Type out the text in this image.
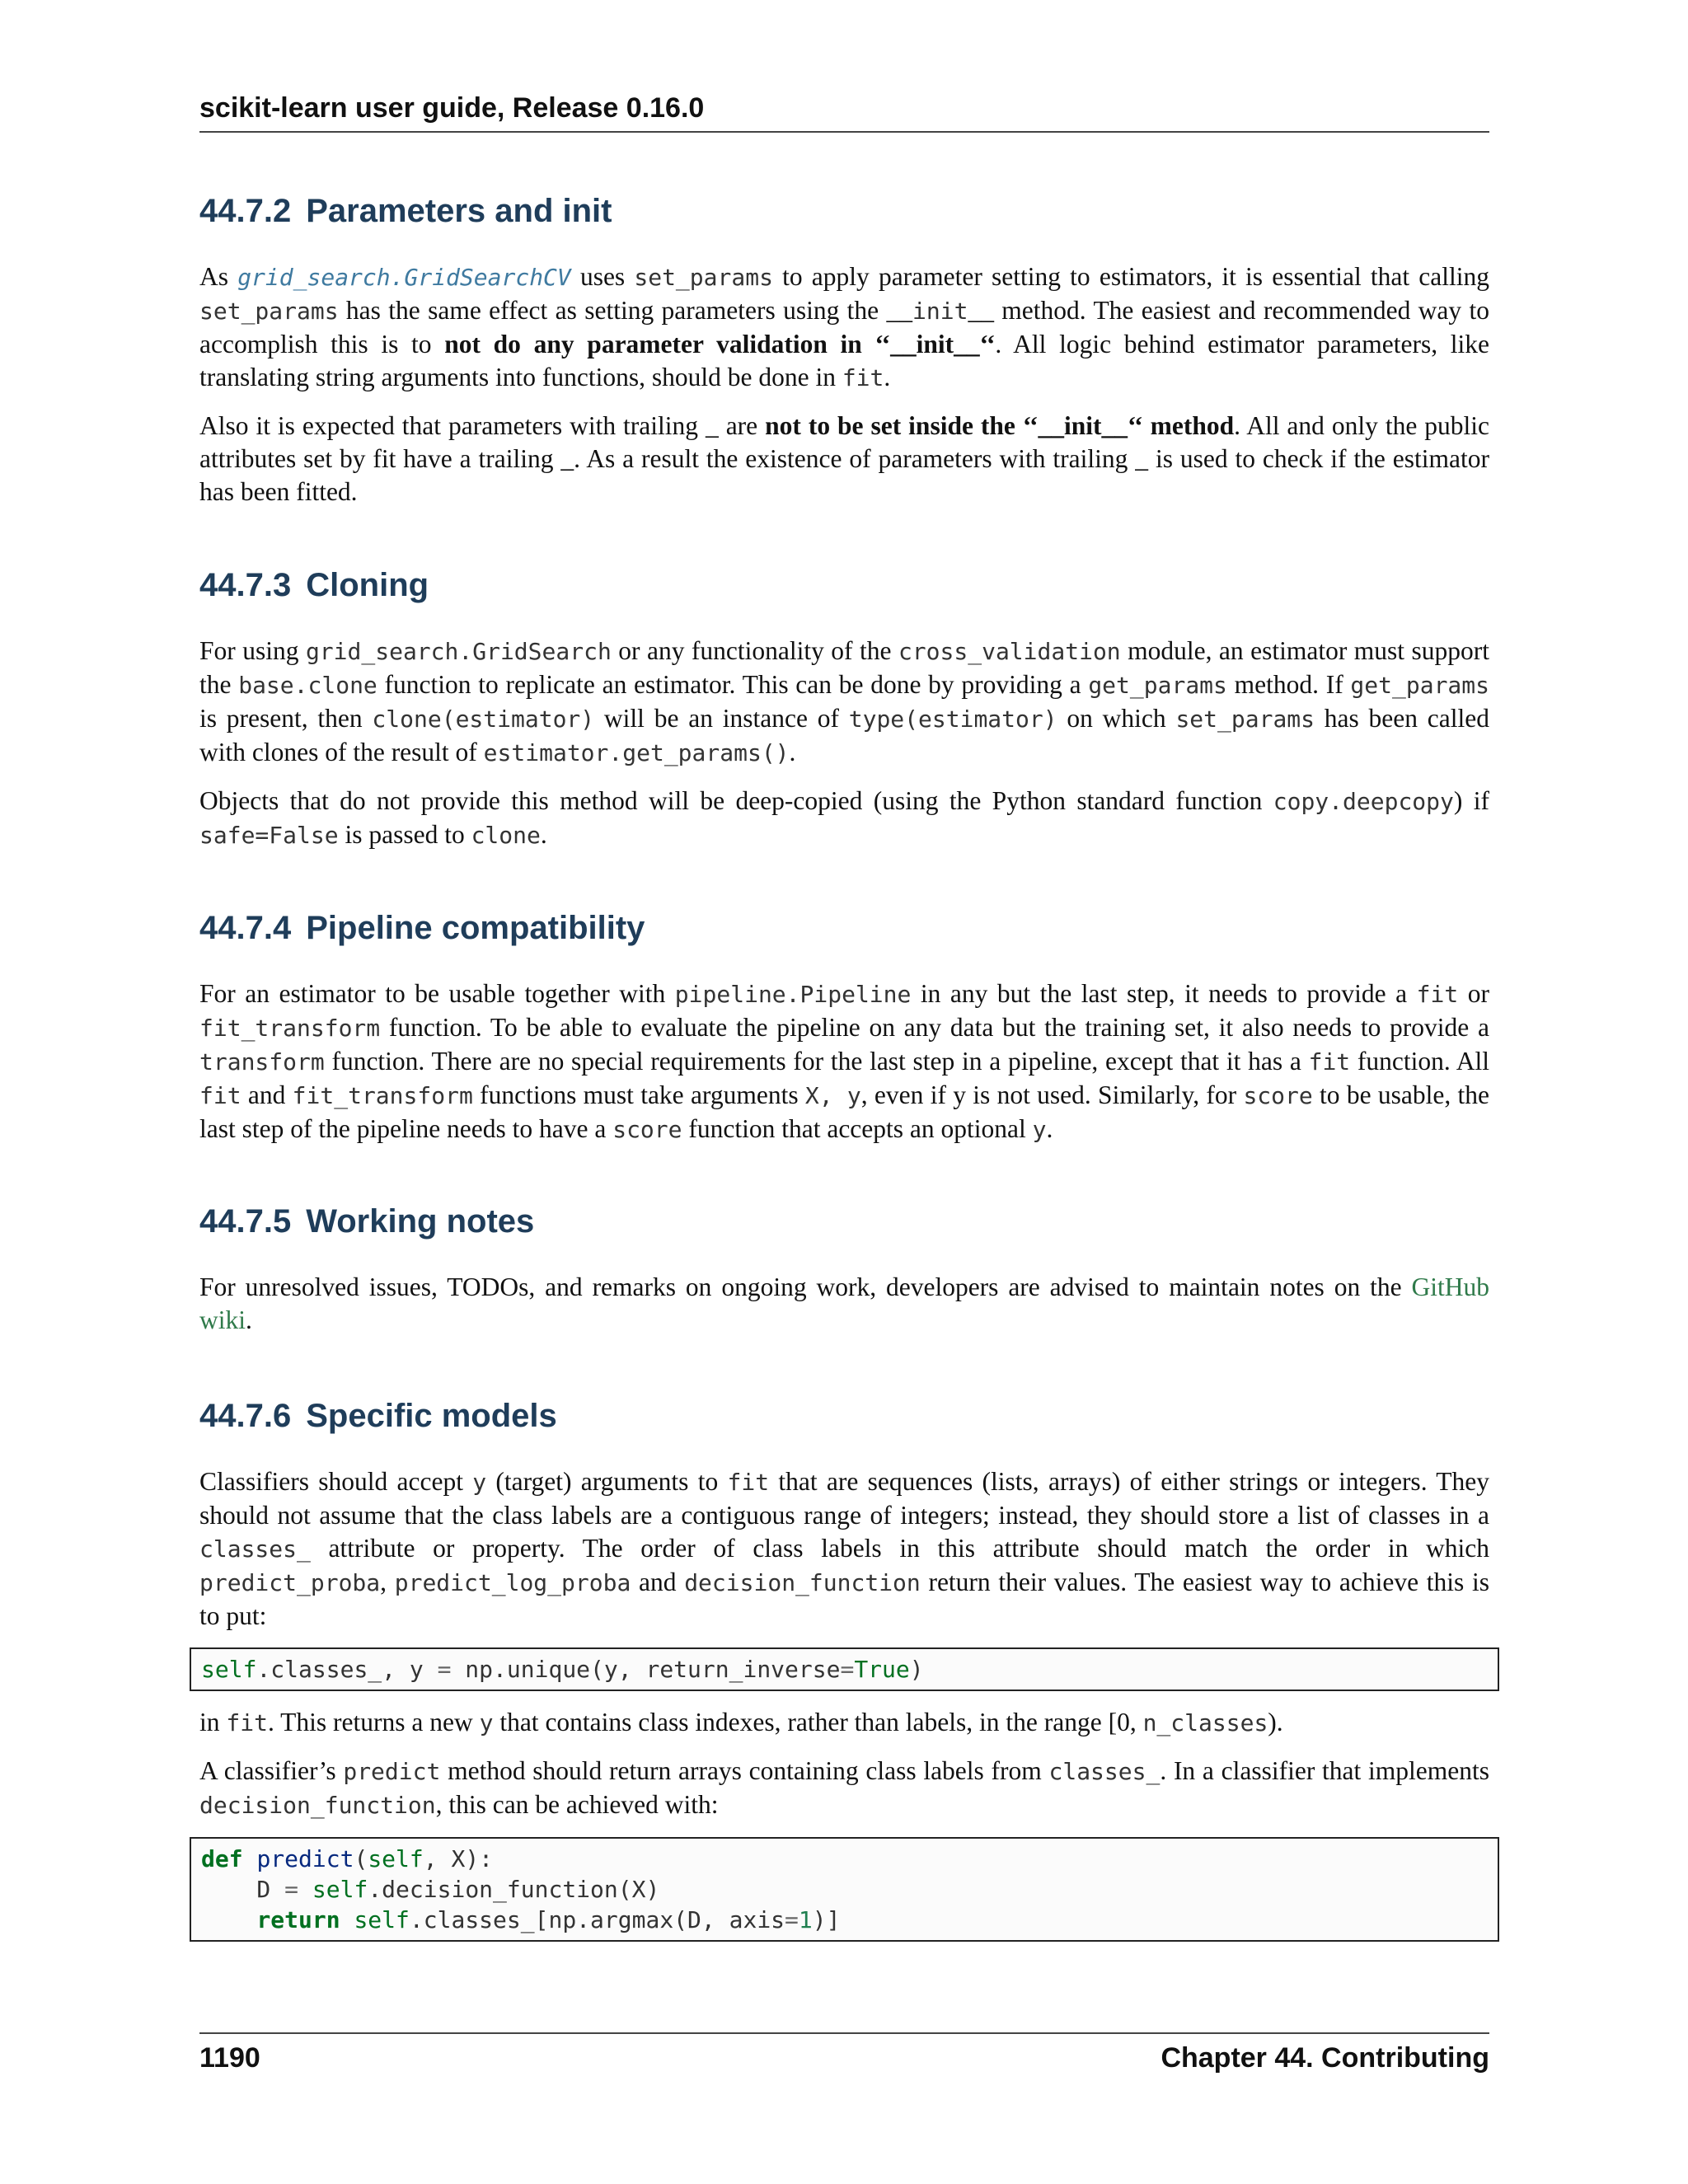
scikit-learn user guide, Release 0.16.0
44.7.2 Parameters and init

As grid_search.GridSearchCV uses set_params to apply parameter setting to estimators, it is essential that calling set_params has the same effect as setting parameters using the __init__ method. The easiest and recommended way to accomplish this is to not do any parameter validation in ‘‘__init__‘‘. All logic behind estimator parameters, like translating string arguments into functions, should be done in fit.

Also it is expected that parameters with trailing _ are not to be set inside the ‘‘__init__‘‘ method. All and only the public attributes set by fit have a trailing _. As a result the existence of parameters with trailing _ is used to check if the estimator has been fitted.

44.7.3 Cloning

For using grid_search.GridSearch or any functionality of the cross_validation module, an estimator must support the base.clone function to replicate an estimator. This can be done by providing a get_params method. If get_params is present, then clone(estimator) will be an instance of type(estimator) on which set_params has been called with clones of the result of estimator.get_params().

Objects that do not provide this method will be deep-copied (using the Python standard function copy.deepcopy) if safe=False is passed to clone.

44.7.4 Pipeline compatibility

For an estimator to be usable together with pipeline.Pipeline in any but the last step, it needs to provide a fit or fit_transform function. To be able to evaluate the pipeline on any data but the training set, it also needs to provide a transform function. There are no special requirements for the last step in a pipeline, except that it has a fit function. All fit and fit_transform functions must take arguments X, y, even if y is not used. Similarly, for score to be usable, the last step of the pipeline needs to have a score function that accepts an optional y.

44.7.5 Working notes

For unresolved issues, TODOs, and remarks on ongoing work, developers are advised to maintain notes on the GitHub wiki.

44.7.6 Specific models

Classifiers should accept y (target) arguments to fit that are sequences (lists, arrays) of either strings or integers. They should not assume that the class labels are a contiguous range of integers; instead, they should store a list of classes in a classes_ attribute or property. The order of class labels in this attribute should match the order in which predict_proba, predict_log_proba and decision_function return their values. The easiest way to achieve this is to put:

self.classes_, y = np.unique(y, return_inverse=True)

in fit. This returns a new y that contains class indexes, rather than labels, in the range [0, n_classes).

A classifier’s predict method should return arrays containing class labels from classes_. In a classifier that implements decision_function, this can be achieved with:

def predict(self, X):
D = self.decision_function(X)
return self.classes_[np.argmax(D, axis=1)]
1190	Chapter 44. Contributing
